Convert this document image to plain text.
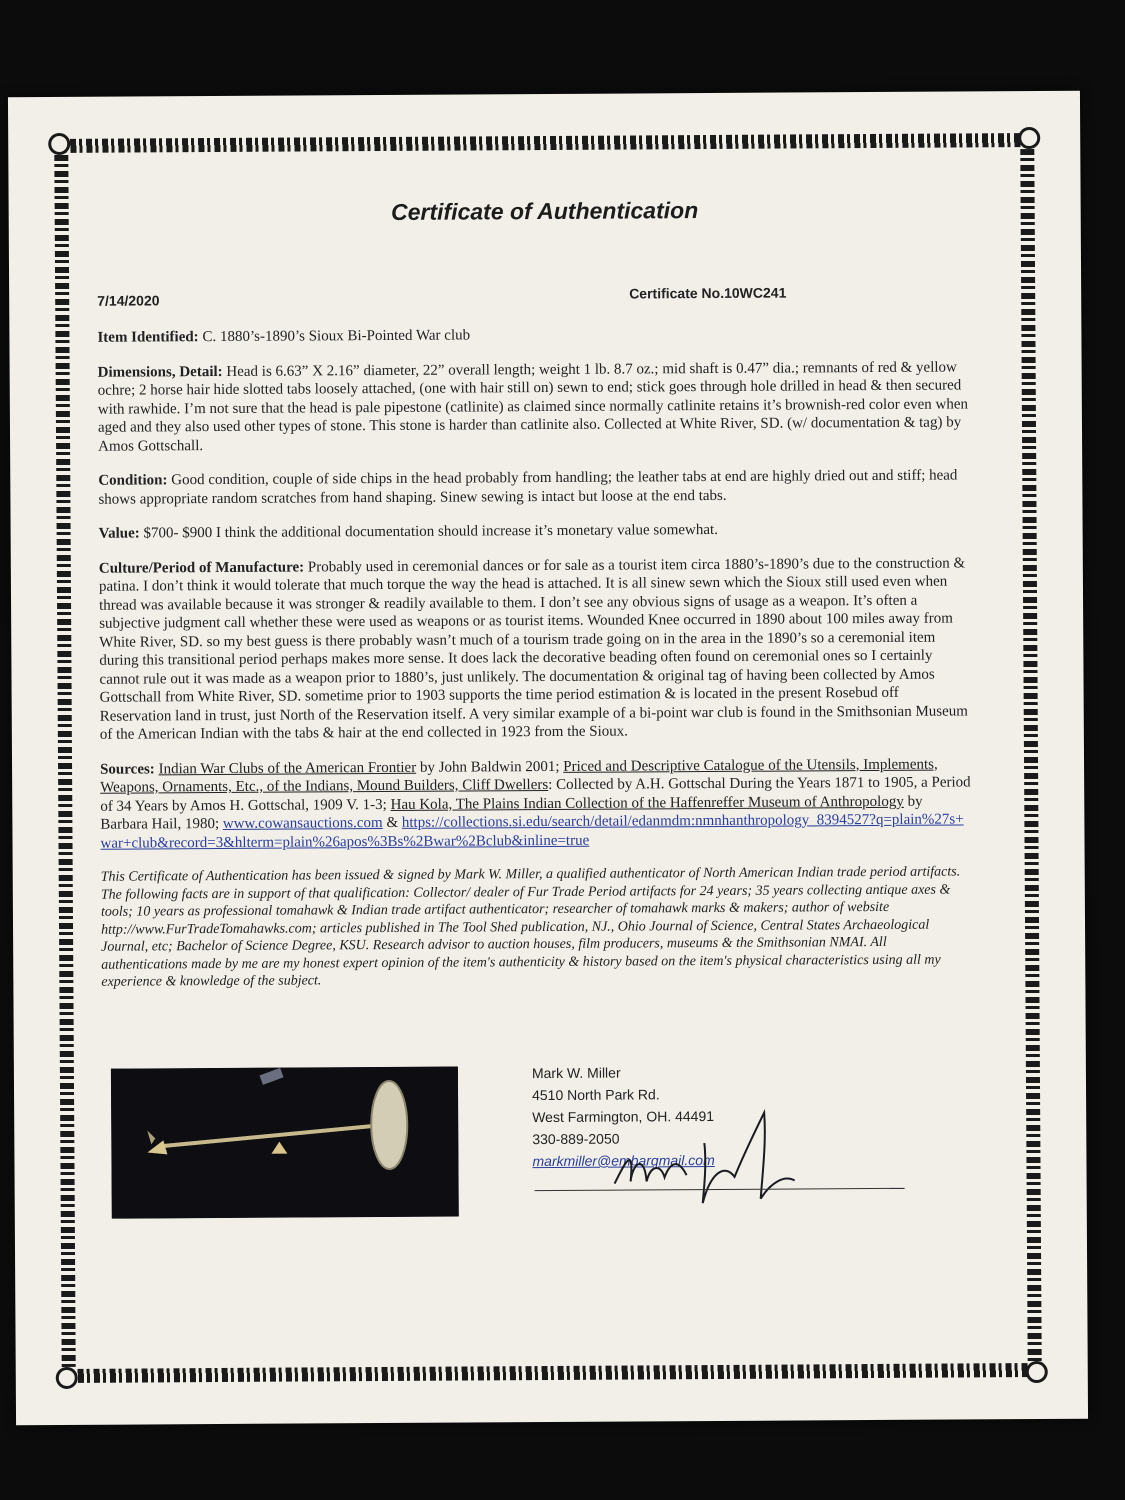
Certificate of Authentication
7/14/2020	Certificate No.10WC241

Item Identified: C. 1880’s-1890’s Sioux Bi-Pointed War club

Dimensions, Detail: Head is 6.63” X 2.16” diameter, 22” overall length; weight 1 lb. 8.7 oz.; mid shaft is 0.47” dia.; remnants of red & yellow ochre; 2 horse hair hide slotted tabs loosely attached, (one with hair still on) sewn to end; stick goes through hole drilled in head & then secured with rawhide. I’m not sure that the head is pale pipestone (catlinite) as claimed since normally catlinite retains it’s brownish-red color even when aged and they also used other types of stone. This stone is harder than catlinite also. Collected at White River, SD. (w/ documentation & tag) by Amos Gottschall.

Condition: Good condition, couple of side chips in the head probably from handling; the leather tabs at end are highly dried out and stiff; head shows appropriate random scratches from hand shaping. Sinew sewing is intact but loose at the end tabs.

Value: $700- $900 I think the additional documentation should increase it’s monetary value somewhat.

Culture/Period of Manufacture: Probably used in ceremonial dances or for sale as a tourist item circa 1880’s-1890’s due to the construction & patina. I don’t think it would tolerate that much torque the way the head is attached. It is all sinew sewn which the Sioux still used even when thread was available because it was stronger & readily available to them. I don’t see any obvious signs of usage as a weapon. It’s often a subjective judgment call whether these were used as weapons or as tourist items. Wounded Knee occurred in 1890 about 100 miles away from White River, SD. so my best guess is there probably wasn’t much of a tourism trade going on in the area in the 1890’s so a ceremonial item during this transitional period perhaps makes more sense. It does lack the decorative beading often found on ceremonial ones so I certainly cannot rule out it was made as a weapon prior to 1880’s, just unlikely. The documentation & original tag of having been collected by Amos Gottschall from White River, SD. sometime prior to 1903 supports the time period estimation & is located in the present Rosebud off Reservation land in trust, just North of the Reservation itself. A very similar example of a bi-point war club is found in the Smithsonian Museum of the American Indian with the tabs & hair at the end collected in 1923 from the Sioux.

Sources: Indian War Clubs of the American Frontier by John Baldwin 2001; Priced and Descriptive Catalogue of the Utensils, Implements, Weapons, Ornaments, Etc., of the Indians, Mound Builders, Cliff Dwellers: Collected by A.H. Gottschal During the Years 1871 to 1905, a Period of 34 Years by Amos H. Gottschal, 1909 V. 1-3; Hau Kola, The Plains Indian Collection of the Haffenreffer Museum of Anthropology by Barbara Hail, 1980; www.cowansauctions.com & https://collections.si.edu/search/detail/edanmdm:nmnhanthropology_8394527?q=plain%27s+war+club&record=3&hlterm=plain%26apos%3Bs%2Bwar%2Bclub&inline=true

This Certificate of Authentication has been issued & signed by Mark W. Miller, a qualified authenticator of North American Indian trade period artifacts. The following facts are in support of that qualification: Collector/ dealer of Fur Trade Period artifacts for 24 years; 35 years collecting antique axes & tools; 10 years as professional tomahawk & Indian trade artifact authenticator; researcher of tomahawk marks & makers; author of website http://www.FurTradeTomahawks.com; articles published in The Tool Shed publication, NJ., Ohio Journal of Science, Central States Archaeological Journal, etc; Bachelor of Science Degree, KSU. Research advisor to auction houses, film producers, museums & the Smithsonian NMAI. All authentications made by me are my honest expert opinion of the item's authenticity & history based on the item's physical characteristics using all my experience & knowledge of the subject.

Mark W. Miller
4510 North Park Rd.
West Farmington, OH. 44491
330-889-2050
markmiller@embarqmail.com
